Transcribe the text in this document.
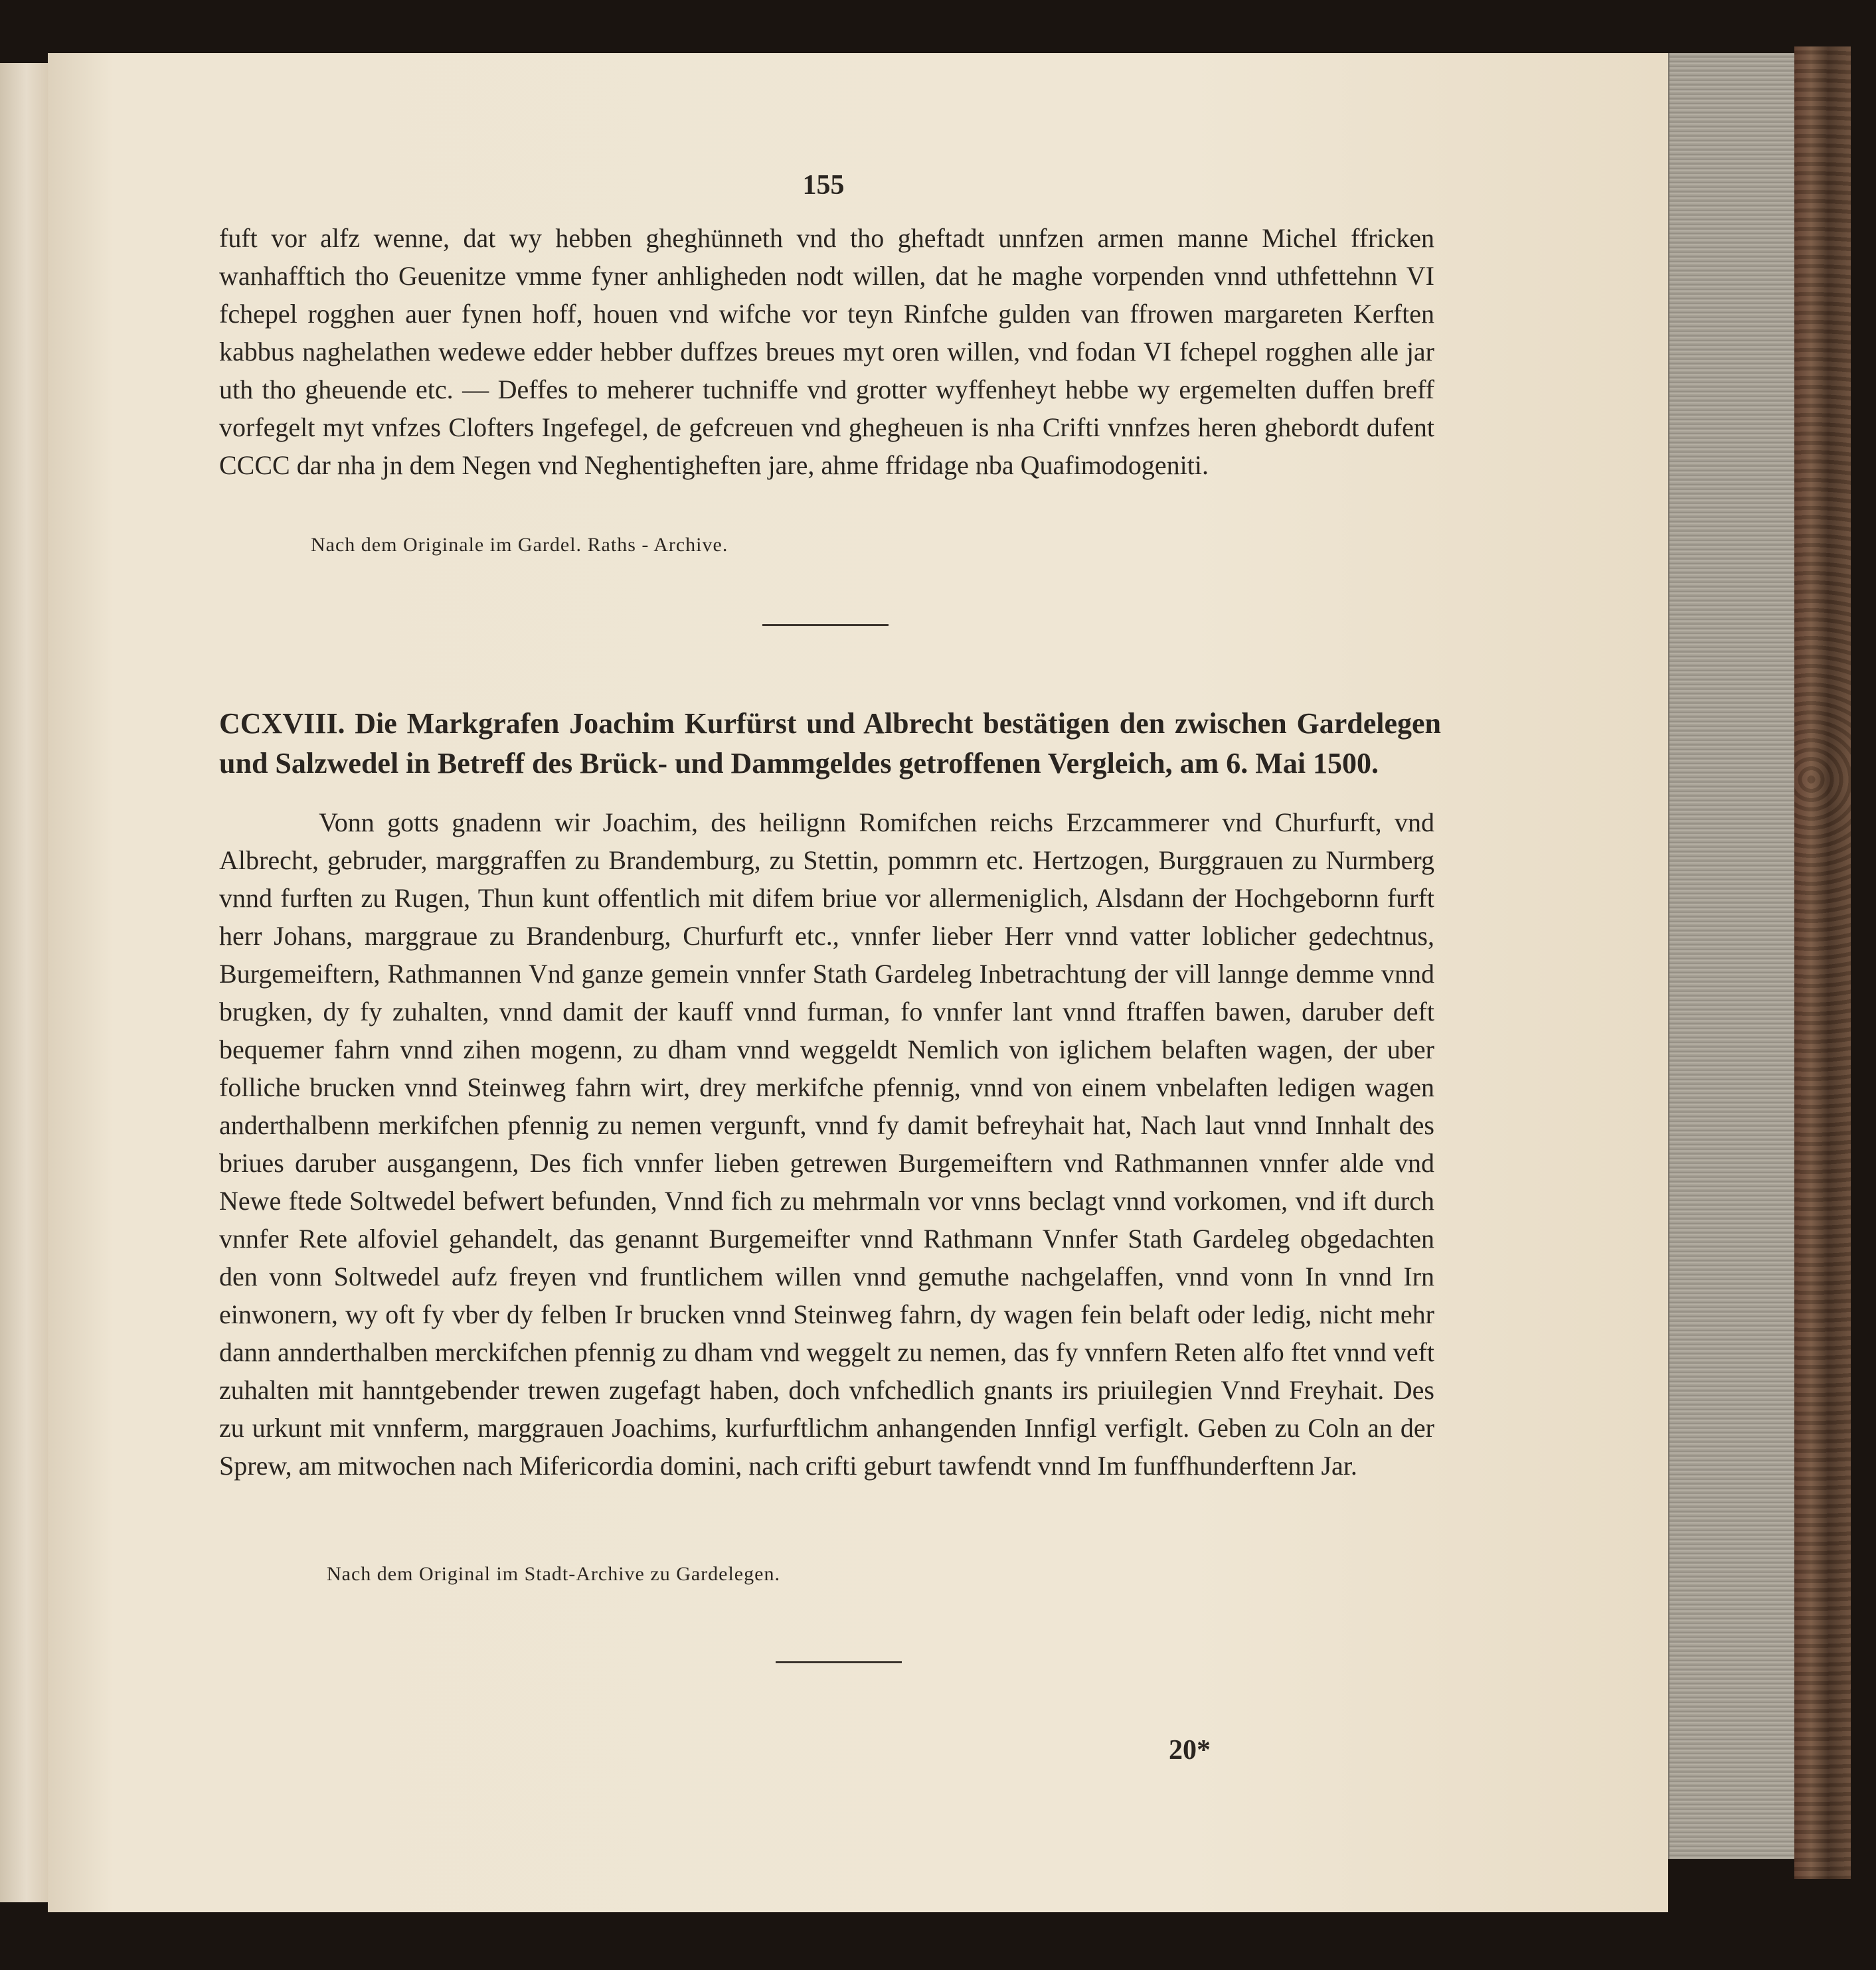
155
fuft vor alfz wenne, dat wy hebben gheghünneth vnd tho gheftadt unnfzen armen manne Michel ffricken wanhafftich tho Geuenitze vmme fyner anhligheden nodt willen, dat he maghe vorpenden vnnd uthfettehnn VI fchepel rogghen auer fynen hoff, houen vnd wifche vor teyn Rinfche gulden van ffrowen margareten Kerften kabbus naghelathen wedewe edder hebber duffzes breues myt oren willen, vnd fodan VI fchepel rogghen alle jar uth tho gheuende etc. — Deffes to meherer tuchniffe vnd grotter wyffenheyt hebbe wy ergemelten duffen breff vorfegelt myt vnfzes Clofters Ingefegel, de gefcreuen vnd ghegheuen is nha Crifti vnnfzes heren ghebordt dufent CCCC dar nha jn dem Negen vnd Neghentigheften jare, ahme ffridage nba Quafimodogeniti.
Nach dem Originale im Gardel. Raths ‑ Archive.
CCXVIII. Die Markgrafen Joachim Kurfürst und Albrecht bestätigen den zwischen Gardelegen und Salzwedel in Betreff des Brück‑ und Dammgeldes getroffenen Vergleich, am 6. Mai 1500.
Vonn gotts gnadenn wir Joachim, des heilignn Romifchen reichs Erzcammerer vnd Churfurft, vnd Albrecht, gebruder, marggraffen zu Brandemburg, zu Stettin, pommrn etc. Hertzogen, Burggrauen zu Nurmberg vnnd furften zu Rugen, Thun kunt offentlich mit difem briue vor allermeniglich, Alsdann der Hochgebornn furft herr Johans, marggraue zu Brandenburg, Churfurft etc., vnnfer lieber Herr vnnd vatter loblicher gedechtnus, Burgemeiftern, Rathmannen Vnd ganze gemein vnnfer Stath Gardeleg Inbetrachtung der vill lannge demme vnnd brugken, dy fy zuhalten, vnnd damit der kauff vnnd furman, fo vnnfer lant vnnd ftraffen bawen, daruber deft bequemer fahrn vnnd zihen mogenn, zu dham vnnd weggeldt Nemlich von iglichem belaften wagen, der uber folliche brucken vnnd Steinweg fahrn wirt, drey merkifche pfennig, vnnd von einem vnbelaften ledigen wagen anderthalbenn merkifchen pfennig zu nemen vergunft, vnnd fy damit befreyhait hat, Nach laut vnnd Innhalt des briues daruber ausgangenn, Des fich vnnfer lieben getrewen Burgemeiftern vnd Rathmannen vnnfer alde vnd Newe ftede Soltwedel befwert befunden, Vnnd fich zu mehrmaln vor vnns beclagt vnnd vorkomen, vnd ift durch vnnfer Rete alfoviel gehandelt, das genannt Burgemeifter vnnd Rathmann Vnnfer Stath Gardeleg obgedachten den vonn Soltwedel aufz freyen vnd fruntlichem willen vnnd gemuthe nachgelaffen, vnnd vonn In vnnd Irn einwonern, wy oft fy vber dy felben Ir brucken vnnd Steinweg fahrn, dy wagen fein belaft oder ledig, nicht mehr dann annderthalben merckifchen pfennig zu dham vnd weggelt zu nemen, das fy vnnfern Reten alfo ftet vnnd veft zuhalten mit hanntgebender trewen zugefagt haben, doch vnfchedlich gnants irs priuilegien Vnnd Freyhait. Des zu urkunt mit vnnferm, marggrauen Joachims, kurfurftlichm anhangenden Innfigl verfiglt. Geben zu Coln an der Sprew, am mitwochen nach Mifericordia domini, nach crifti geburt tawfendt vnnd Im funffhunderftenn Jar.
Nach dem Original im Stadt‑Archive zu Gardelegen.
20*
